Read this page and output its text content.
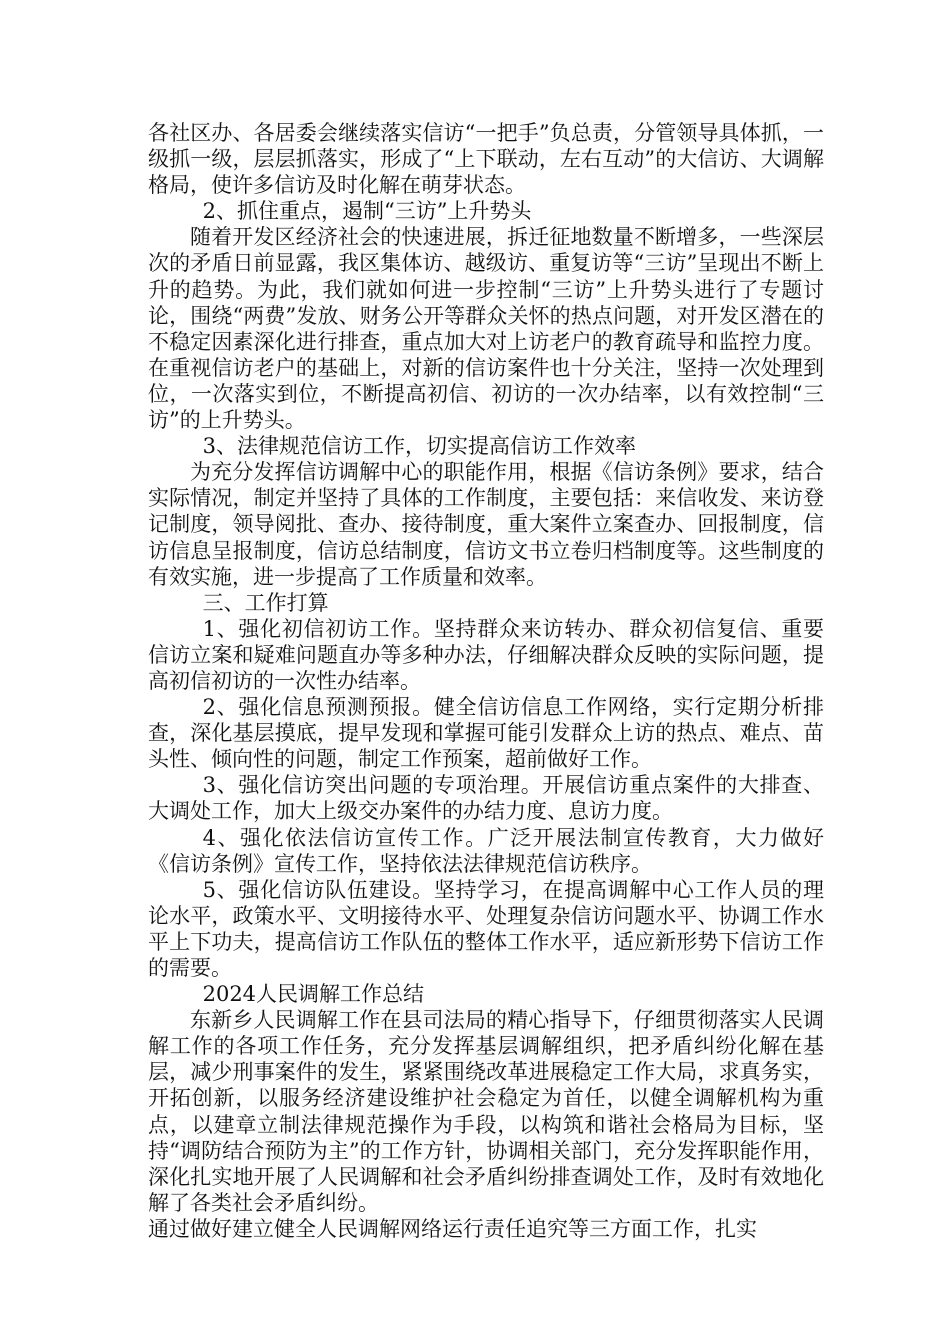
各社区办、各居委会继续落实信访“一把手”负总责，分管领导具体抓，一级抓一级，层层抓落实，形成了“上下联动，左右互动”的大信访、大调解格局，使许多信访及时化解在萌芽状态。

2、抓住重点，遏制“三访”上升势头

随着开发区经济社会的快速进展，拆迁征地数量不断增多，一些深层次的矛盾日前显露，我区集体访、越级访、重复访等“三访”呈现出不断上升的趋势。为此，我们就如何进一步控制“三访”上升势头进行了专题讨论，围绕“两费”发放、财务公开等群众关怀的热点问题，对开发区潜在的不稳定因素深化进行排查，重点加大对上访老户的教育疏导和监控力度。在重视信访老户的基础上，对新的信访案件也十分关注，坚持一次处理到位，一次落实到位，不断提高初信、初访的一次办结率，以有效控制“三访”的上升势头。

3、法律规范信访工作，切实提高信访工作效率

为充分发挥信访调解中心的职能作用，根据《信访条例》要求，结合实际情况，制定并坚持了具体的工作制度，主要包括：来信收发、来访登记制度，领导阅批、查办、接待制度，重大案件立案查办、回报制度，信访信息呈报制度，信访总结制度，信访文书立卷归档制度等。这些制度的有效实施，进一步提高了工作质量和效率。

三、工作打算

1、强化初信初访工作。坚持群众来访转办、群众初信复信、重要信访立案和疑难问题直办等多种办法，仔细解决群众反映的实际问题，提高初信初访的一次性办结率。

2、强化信息预测预报。健全信访信息工作网络，实行定期分析排查，深化基层摸底，提早发现和掌握可能引发群众上访的热点、难点、苗头性、倾向性的问题，制定工作预案，超前做好工作。

3、强化信访突出问题的专项治理。开展信访重点案件的大排查、大调处工作，加大上级交办案件的办结力度、息访力度。

4、强化依法信访宣传工作。广泛开展法制宣传教育，大力做好《信访条例》宣传工作，坚持依法法律规范信访秩序。

5、强化信访队伍建设。坚持学习，在提高调解中心工作人员的理论水平，政策水平、文明接待水平、处理复杂信访问题水平、协调工作水平上下功夫，提高信访工作队伍的整体工作水平，适应新形势下信访工作的需要。

2024人民调解工作总结

东新乡人民调解工作在县司法局的精心指导下，仔细贯彻落实人民调解工作的各项工作任务，充分发挥基层调解组织，把矛盾纠纷化解在基层，减少刑事案件的发生，紧紧围绕改革进展稳定工作大局，求真务实，开拓创新，以服务经济建设维护社会稳定为首任，以健全调解机构为重点，以建章立制法律规范操作为手段，以构筑和谐社会格局为目标，坚持“调防结合预防为主”的工作方针，协调相关部门，充分发挥职能作用，深化扎实地开展了人民调解和社会矛盾纠纷排查调处工作，及时有效地化解了各类社会矛盾纠纷。

通过做好建立健全人民调解网络运行责任追究等三方面工作，扎实
